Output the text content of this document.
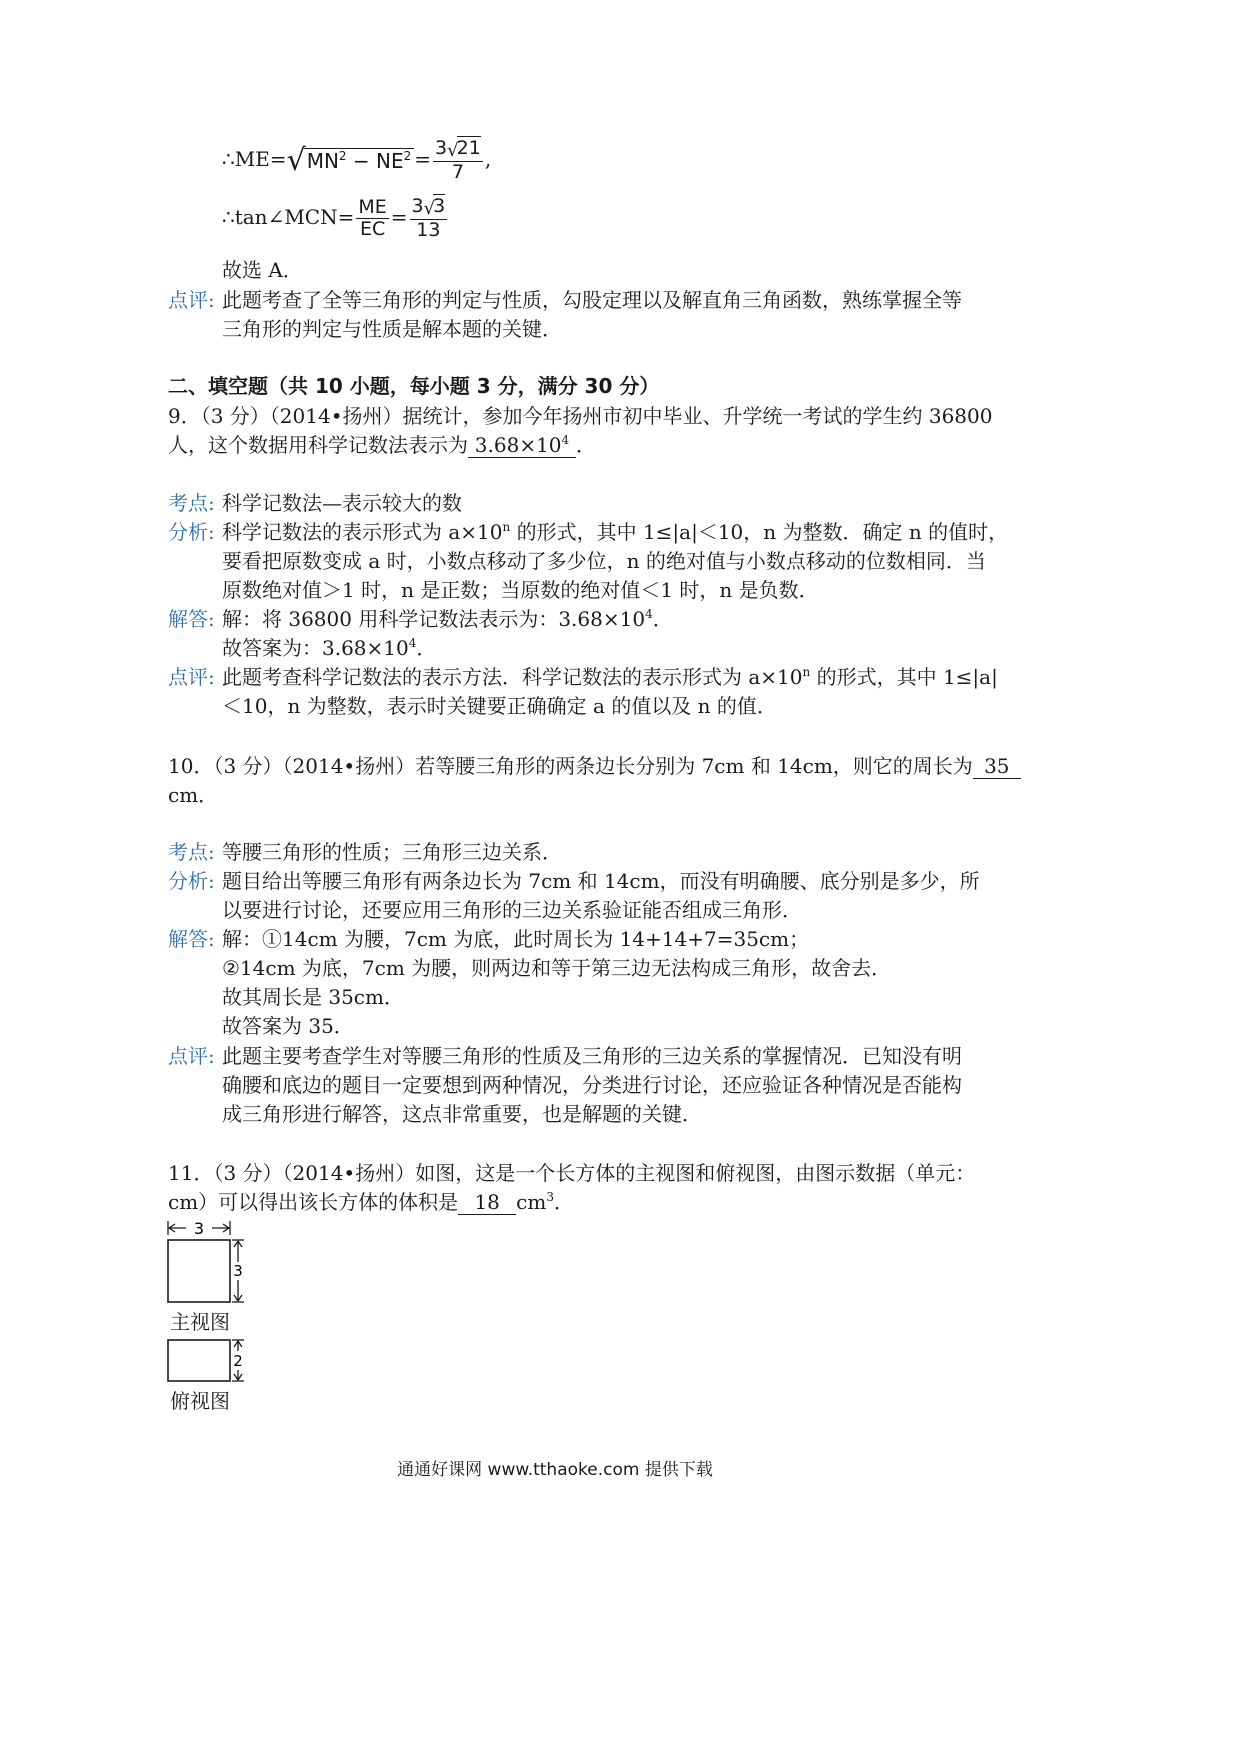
$\therefore ME=√MN^2 - NE^2 = \frac{3√21}{7}$ ,
∴tan∠MCN= $\frac{ME}{EC} = \frac{3√3}{13}$
故选 A．
点评: 此题考查了全等三角形的判定与性质，勾股定理以及解直角三角函数，熟练掌握全等
三角形的判定与性质是解本题的关键．
二、填空题（共 10 小题，每小题 3 分，满分 30 分）
9．（3 分）（2014•扬州）据统计，参加今年扬州市初中毕业、升学统一考试的学生约 36800
人，这个数据用科学记数法表示为 $3.68\times 10^4$ ．
考点: 科学记数法—表示较大的数
分析: 科学记数法的表示形式为 $a\times 10^n$ 的形式，其中 1≤|a|＜10，n 为整数．确定 n 的值时，
要看把原数变成 a 时，小数点移动了多少位，n 的绝对值与小数点移动的位数相同．当
原数绝对值＞1 时，n 是正数；当原数的绝对值＜1 时，n 是负数．
解答: 解：将 36800 用科学记数法表示为：$3.68\times 10^4$．
故答案为：$3.68\times 10^4$．
点评: 此题考查科学记数法的表示方法．科学记数法的表示形式为 $a\times 10^n$ 的形式，其中 1≤|a|
＜10，n 为整数，表示时关键要正确确定 a 的值以及 n 的值．
10．（3 分）（2014•扬州）若等腰三角形的两条边长分别为 7cm 和 14cm，则它的周长为 35
cm．
考点: 等腰三角形的性质；三角形三边关系．
分析: 题目给出等腰三角形有两条边长为 7cm 和 14cm，而没有明确腰、底分别是多少，所
以要进行讨论，还要应用三角形的三边关系验证能否组成三角形．
解答: 解：①14cm 为腰，7cm 为底，此时周长为 14+14+7=35cm；
②14cm 为底，7cm 为腰，则两边和等于第三边无法构成三角形，故舍去．
故其周长是 35cm．
故答案为 35．
点评: 此题主要考查学生对等腰三角形的性质及三角形的三边关系的掌握情况．已知没有明
确腰和底边的题目一定要想到两种情况，分类进行讨论，还应验证各种情况是否能构
成三角形进行解答，这点非常重要，也是解题的关键．
11．（3 分）（2014•扬州）如图，这是一个长方体的主视图和俯视图，由图示数据（单元：
cm）可以得出该长方体的体积是 18 $cm^3$．
3
3
2
主视图
俯视图
通通好课网 www.tthaoke.com 提供下载
